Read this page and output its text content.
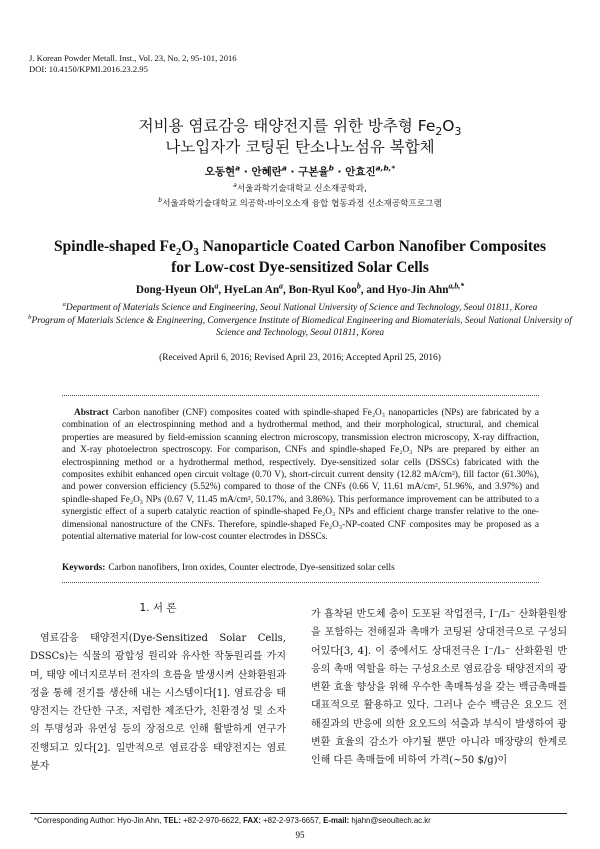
J. Korean Powder Metall. Inst., Vol. 23, No. 2, 95-101, 2016
DOI: 10.4150/KPMI.2016.23.2.95
저비용 염료감응 태양전지를 위한 방추형 $Fe_2O_3$
나노입자가 코팅된 탄소나노섬유 복합체
오동현$^a$ · 안혜란$^a$ · 구본율$^b$ · 안효진$^{a,b,*}$
$^a$서울과학기술대학교 신소재공학과,
$^b$서울과학기술대학교 의공학-바이오소재 융합 협동과정 신소재공학프로그램
Spindle-shaped $Fe_2O_3$ Nanoparticle Coated Carbon Nanofiber Composites
for Low-cost Dye-sensitized Solar Cells
Dong-Hyeun Oh$^a$, HyeLan An$^a$, Bon-Ryul Koo$^b$, and Hyo-Jin Ahn$^{a,b,*}$
$^a$Department of Materials Science and Engineering, Seoul National University of Science and Technology, Seoul 01811, Korea
$^b$Program of Materials Science & Engineering, Convergence Institute of Biomedical Engineering and Biomaterials, Seoul National University of Science and Technology, Seoul 01811, Korea
(Received April 6, 2016; Revised April 23, 2016; Accepted April 25, 2016)

Abstract Carbon nanofiber (CNF) composites coated with spindle-shaped Fe₂O₃ nanoparticles (NPs) are fabricated by a combination of an electrospinning method and a hydrothermal method, and their morphological, structural, and chemical properties are measured by field-emission scanning electron microscopy, transmission electron microscopy, X-ray diffraction, and X-ray photoelectron spectroscopy. For comparison, CNFs and spindle-shaped Fe₂O₃ NPs are prepared by either an electrospinning method or a hydrothermal method, respectively. Dye-sensitized solar cells (DSSCs) fabricated with the composites exhibit enhanced open circuit voltage (0.70 V), short-circuit current density (12.82 mA/cm²), fill factor (61.30%), and power conversion efficiency (5.52%) compared to those of the CNFs (0.66 V, 11.61 mA/cm², 51.96%, and 3.97%) and spindle-shaped Fe₂O₃ NPs (0.67 V, 11.45 mA/cm², 50.17%, and 3.86%). This performance improvement can be attributed to a synergistic effect of a superb catalytic reaction of spindle-shaped Fe₂O₃ NPs and efficient charge transfer relative to the one-dimensional nanostructure of the CNFs. Therefore, spindle-shaped Fe₂O₃-NP-coated CNF composites may be proposed as a potential alternative material for low-cost counter electrodes in DSSCs.

Keywords: Carbon nanofibers, Iron oxides, Counter electrode, Dye-sensitized solar cells
1. 서 론

염료감응 태양전지(Dye-Sensitized Solar Cells, DSSCs)는 식물의 광합성 원리와 유사한 작동원리를 가지며, 태양 에너지로부터 전자의 흐름을 발생시켜 산화환원과정을 통해 전기를 생산해 내는 시스템이다[1]. 염료감응 태양전지는 간단한 구조, 저렴한 제조단가, 친환경성 및 소자의 투명성과 유연성 등의 장점으로 인해 활발하게 연구가 진행되고 있다[2]. 일반적으로 염료감응 태양전지는 염료 분자

가 흡착된 반도체 층이 도포된 작업전극, I⁻/I₃⁻ 산화환원쌍을 포함하는 전해질과 촉매가 코팅된 상대전극으로 구성되어있다[3, 4]. 이 중에서도 상대전극은 I⁻/I₃⁻ 산화환원 반응의 촉매 역할을 하는 구성요소로 염료감응 태양전지의 광변환 효율 향상을 위해 우수한 촉매특성을 갖는 백금촉매를 대표적으로 활용하고 있다. 그러나 순수 백금은 요오드 전해질과의 반응에 의한 요오드의 석출과 부식이 발생하여 광변환 효율의 감소가 야기될 뿐만 아니라 매장량의 한계로 인해 다른 촉매들에 비하여 가격(~50 $/g)이

*Corresponding Author: Hyo-Jin Ahn, TEL: +82-2-970-6622, FAX: +82-2-973-6657, E-mail: hjahn@seoultech.ac.kr
95
